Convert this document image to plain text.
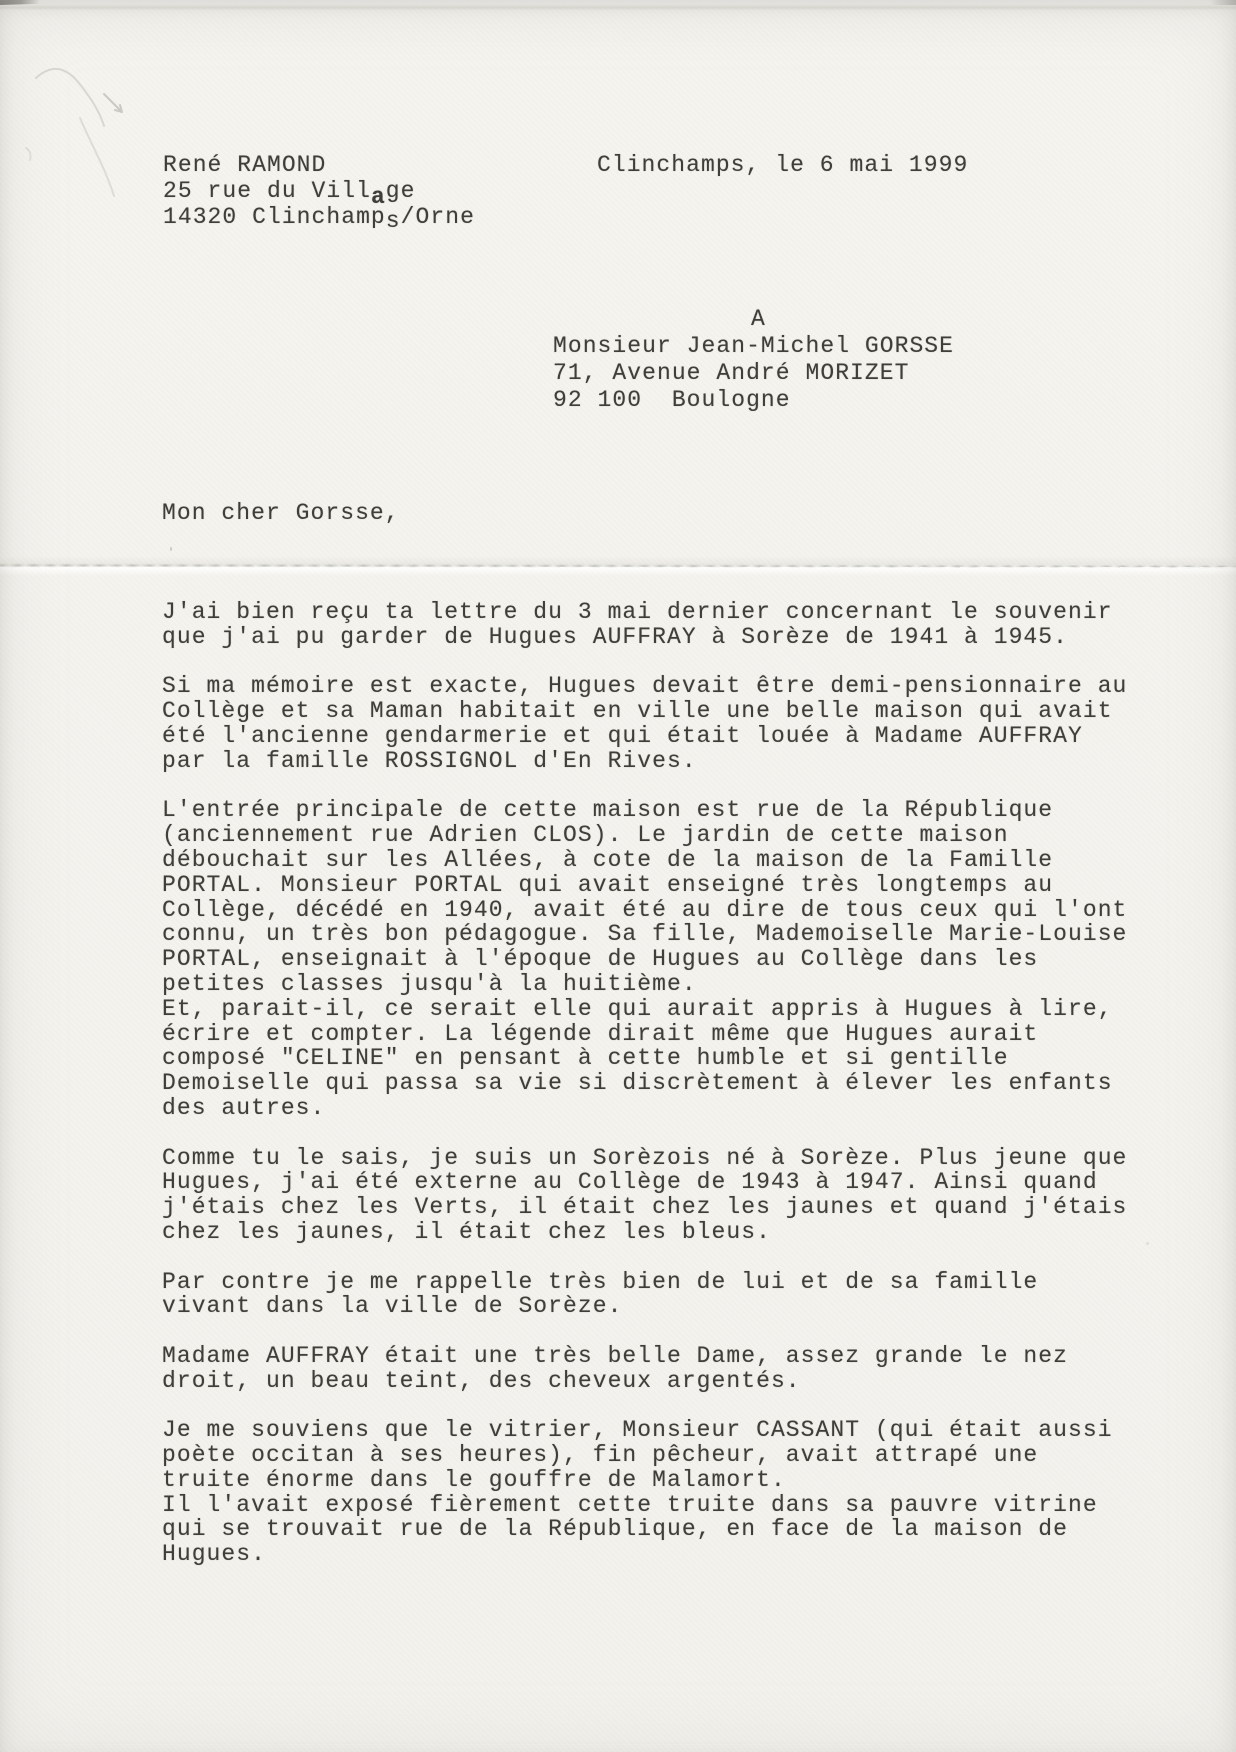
René RAMOND
25 rue du Village
14320 Clinchamps/Orne
Clinchamps, le 6 mai 1999
A
Monsieur Jean-Michel GORSSE
71, Avenue André MORIZET
92 100  Boulogne
Mon cher Gorsse,
J'ai bien reçu ta lettre du 3 mai dernier concernant le souvenir
que j'ai pu garder de Hugues AUFFRAY à Sorèze de 1941 à 1945.
Si ma mémoire est exacte, Hugues devait être demi-pensionnaire au
Collège et sa Maman habitait en ville une belle maison qui avait
été l'ancienne gendarmerie et qui était louée à Madame AUFFRAY
par la famille ROSSIGNOL d'En Rives.
L'entrée principale de cette maison est rue de la République
(anciennement rue Adrien CLOS). Le jardin de cette maison
débouchait sur les Allées, à cote de la maison de la Famille
PORTAL. Monsieur PORTAL qui avait enseigné très longtemps au
Collège, décédé en 1940, avait été au dire de tous ceux qui l'ont
connu, un très bon pédagogue. Sa fille, Mademoiselle Marie-Louise
PORTAL, enseignait à l'époque de Hugues au Collège dans les
petites classes jusqu'à la huitième.
Et, parait-il, ce serait elle qui aurait appris à Hugues à lire,
écrire et compter. La légende dirait même que Hugues aurait
composé "CELINE" en pensant à cette humble et si gentille
Demoiselle qui passa sa vie si discrètement à élever les enfants
des autres.
Comme tu le sais, je suis un Sorèzois né à Sorèze. Plus jeune que
Hugues, j'ai été externe au Collège de 1943 à 1947. Ainsi quand
j'étais chez les Verts, il était chez les jaunes et quand j'étais
chez les jaunes, il était chez les bleus.
Par contre je me rappelle très bien de lui et de sa famille
vivant dans la ville de Sorèze.
Madame AUFFRAY était une très belle Dame, assez grande le nez
droit, un beau teint, des cheveux argentés.
Je me souviens que le vitrier, Monsieur CASSANT (qui était aussi
poète occitan à ses heures), fin pêcheur, avait attrapé une
truite énorme dans le gouffre de Malamort.
Il l'avait exposé fièrement cette truite dans sa pauvre vitrine
qui se trouvait rue de la République, en face de la maison de
Hugues.
